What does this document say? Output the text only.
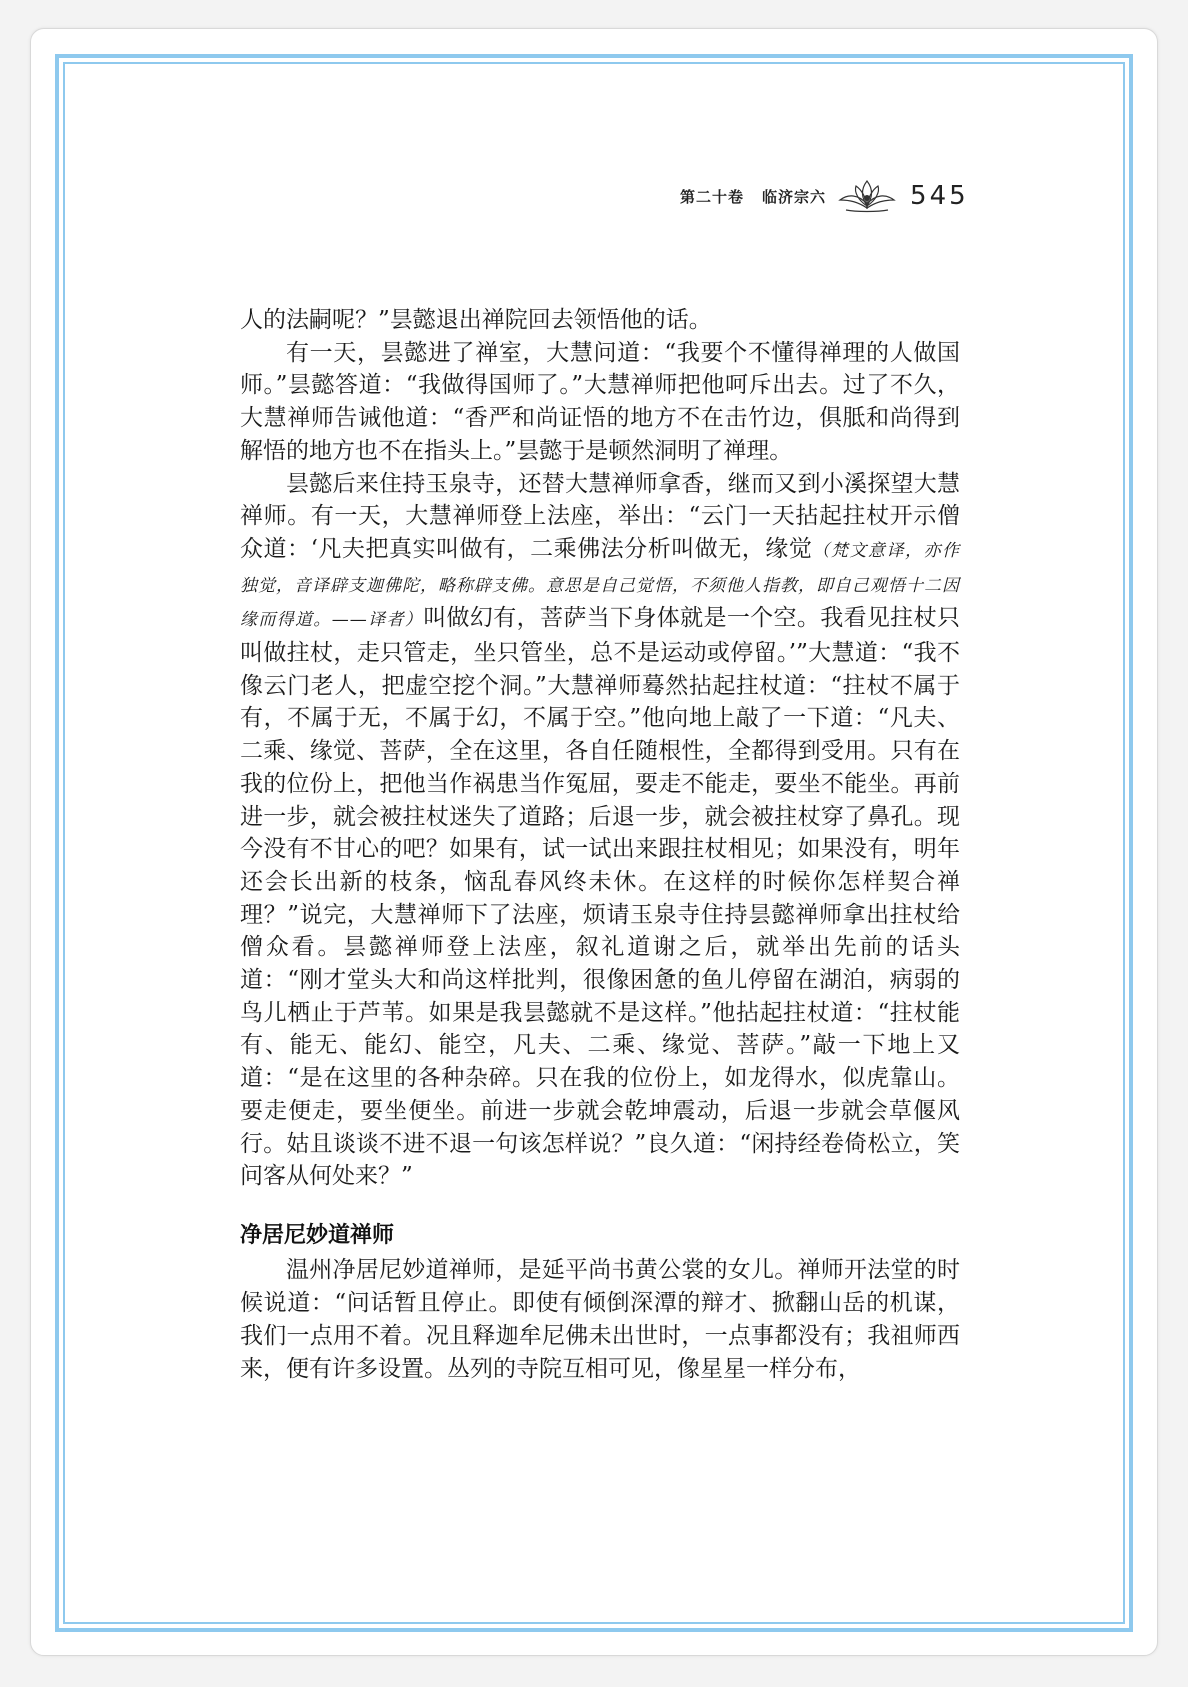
第二十卷 临济宗六	545

人的法嗣呢？”昙懿退出禅院回去领悟他的话。

有一天，昙懿进了禅室，大慧问道：“我要个不懂得禅理的人做国师。”昙懿答道：“我做得国师了。”大慧禅师把他呵斥出去。过了不久，大慧禅师告诫他道：“香严和尚证悟的地方不在击竹边，俱胝和尚得到解悟的地方也不在指头上。”昙懿于是顿然洞明了禅理。

昙懿后来住持玉泉寺，还替大慧禅师拿香，继而又到小溪探望大慧禅师。有一天，大慧禅师登上法座，举出：“云门一天拈起拄杖开示僧众道：‘凡夫把真实叫做有，二乘佛法分析叫做无，缘觉（梵文意译，亦作独觉，音译辟支迦佛陀，略称辟支佛。意思是自己觉悟，不须他人指教，即自己观悟十二因缘而得道。——译者）叫做幻有，菩萨当下身体就是一个空。我看见拄杖只叫做拄杖，走只管走，坐只管坐，总不是运动或停留。’”大慧道：“我不像云门老人，把虚空挖个洞。”大慧禅师蓦然拈起拄杖道：“拄杖不属于有，不属于无，不属于幻，不属于空。”他向地上敲了一下道：“凡夫、二乘、缘觉、菩萨，全在这里，各自任随根性，全都得到受用。只有在我的位份上，把他当作祸患当作冤屈，要走不能走，要坐不能坐。再前进一步，就会被拄杖迷失了道路；后退一步，就会被拄杖穿了鼻孔。现今没有不甘心的吧？如果有，试一试出来跟拄杖相见；如果没有，明年还会长出新的枝条，恼乱春风终未休。在这样的时候你怎样契合禅理？”说完，大慧禅师下了法座，烦请玉泉寺住持昙懿禅师拿出拄杖给僧众看。昙懿禅师登上法座，叙礼道谢之后，就举出先前的话头道：“刚才堂头大和尚这样批判，很像困惫的鱼儿停留在湖泊，病弱的鸟儿栖止于芦苇。如果是我昙懿就不是这样。”他拈起拄杖道：“拄杖能有、能无、能幻、能空，凡夫、二乘、缘觉、菩萨。”敲一下地上又道：“是在这里的各种杂碎。只在我的位份上，如龙得水，似虎靠山。要走便走，要坐便坐。前进一步就会乾坤震动，后退一步就会草偃风行。姑且谈谈不进不退一句该怎样说？”良久道：“闲持经卷倚松立，笑问客从何处来？”

净居尼妙道禅师

温州净居尼妙道禅师，是延平尚书黄公裳的女儿。禅师开法堂的时候说道：“问话暂且停止。即使有倾倒深潭的辩才、掀翻山岳的机谋，我们一点用不着。况且释迦牟尼佛未出世时，一点事都没有；我祖师西来，便有许多设置。丛列的寺院互相可见，像星星一样分布，
